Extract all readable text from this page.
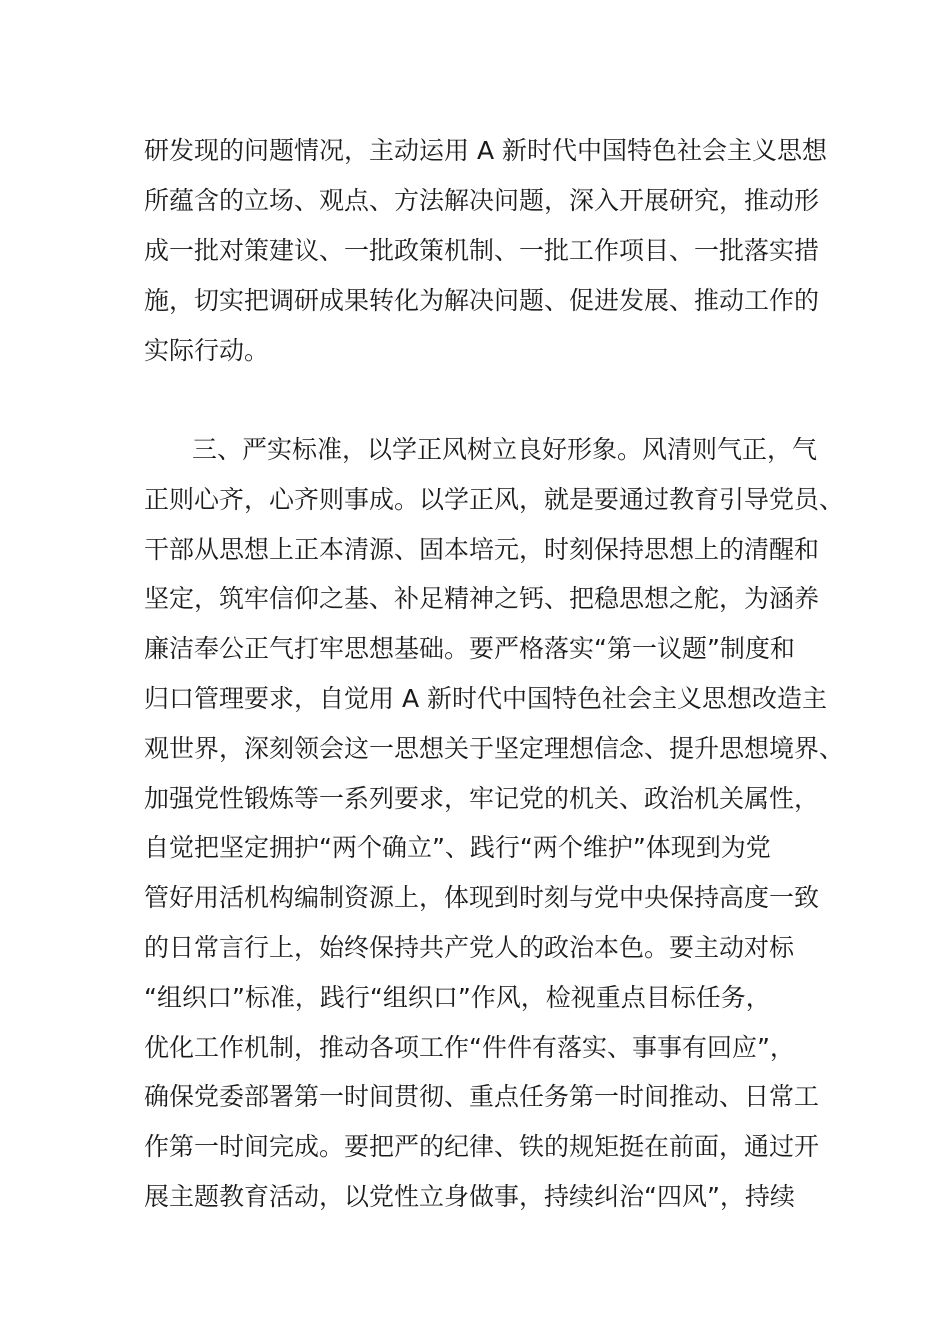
研发现的问题情况，主动运用 A 新时代中国特色社会主义思想
所蕴含的立场、观点、方法解决问题，深入开展研究，推动形
成一批对策建议、一批政策机制、一批工作项目、一批落实措
施，切实把调研成果转化为解决问题、促进发展、推动工作的
实际行动。
三、严实标准，以学正风树立良好形象。风清则气正，气
正则心齐，心齐则事成。以学正风，就是要通过教育引导党员、
干部从思想上正本清源、固本培元，时刻保持思想上的清醒和
坚定，筑牢信仰之基、补足精神之钙、把稳思想之舵，为涵养
廉洁奉公正气打牢思想基础。要严格落实“第一议题”制度和
归口管理要求，自觉用 A 新时代中国特色社会主义思想改造主
观世界，深刻领会这一思想关于坚定理想信念、提升思想境界、
加强党性锻炼等一系列要求，牢记党的机关、政治机关属性，
自觉把坚定拥护“两个确立”、践行“两个维护”体现到为党
管好用活机构编制资源上，体现到时刻与党中央保持高度一致
的日常言行上，始终保持共产党人的政治本色。要主动对标
“组织口”标准，践行“组织口”作风，检视重点目标任务，
优化工作机制，推动各项工作“件件有落实、事事有回应”，
确保党委部署第一时间贯彻、重点任务第一时间推动、日常工
作第一时间完成。要把严的纪律、铁的规矩挺在前面，通过开
展主题教育活动，以党性立身做事，持续纠治“四风”，持续
